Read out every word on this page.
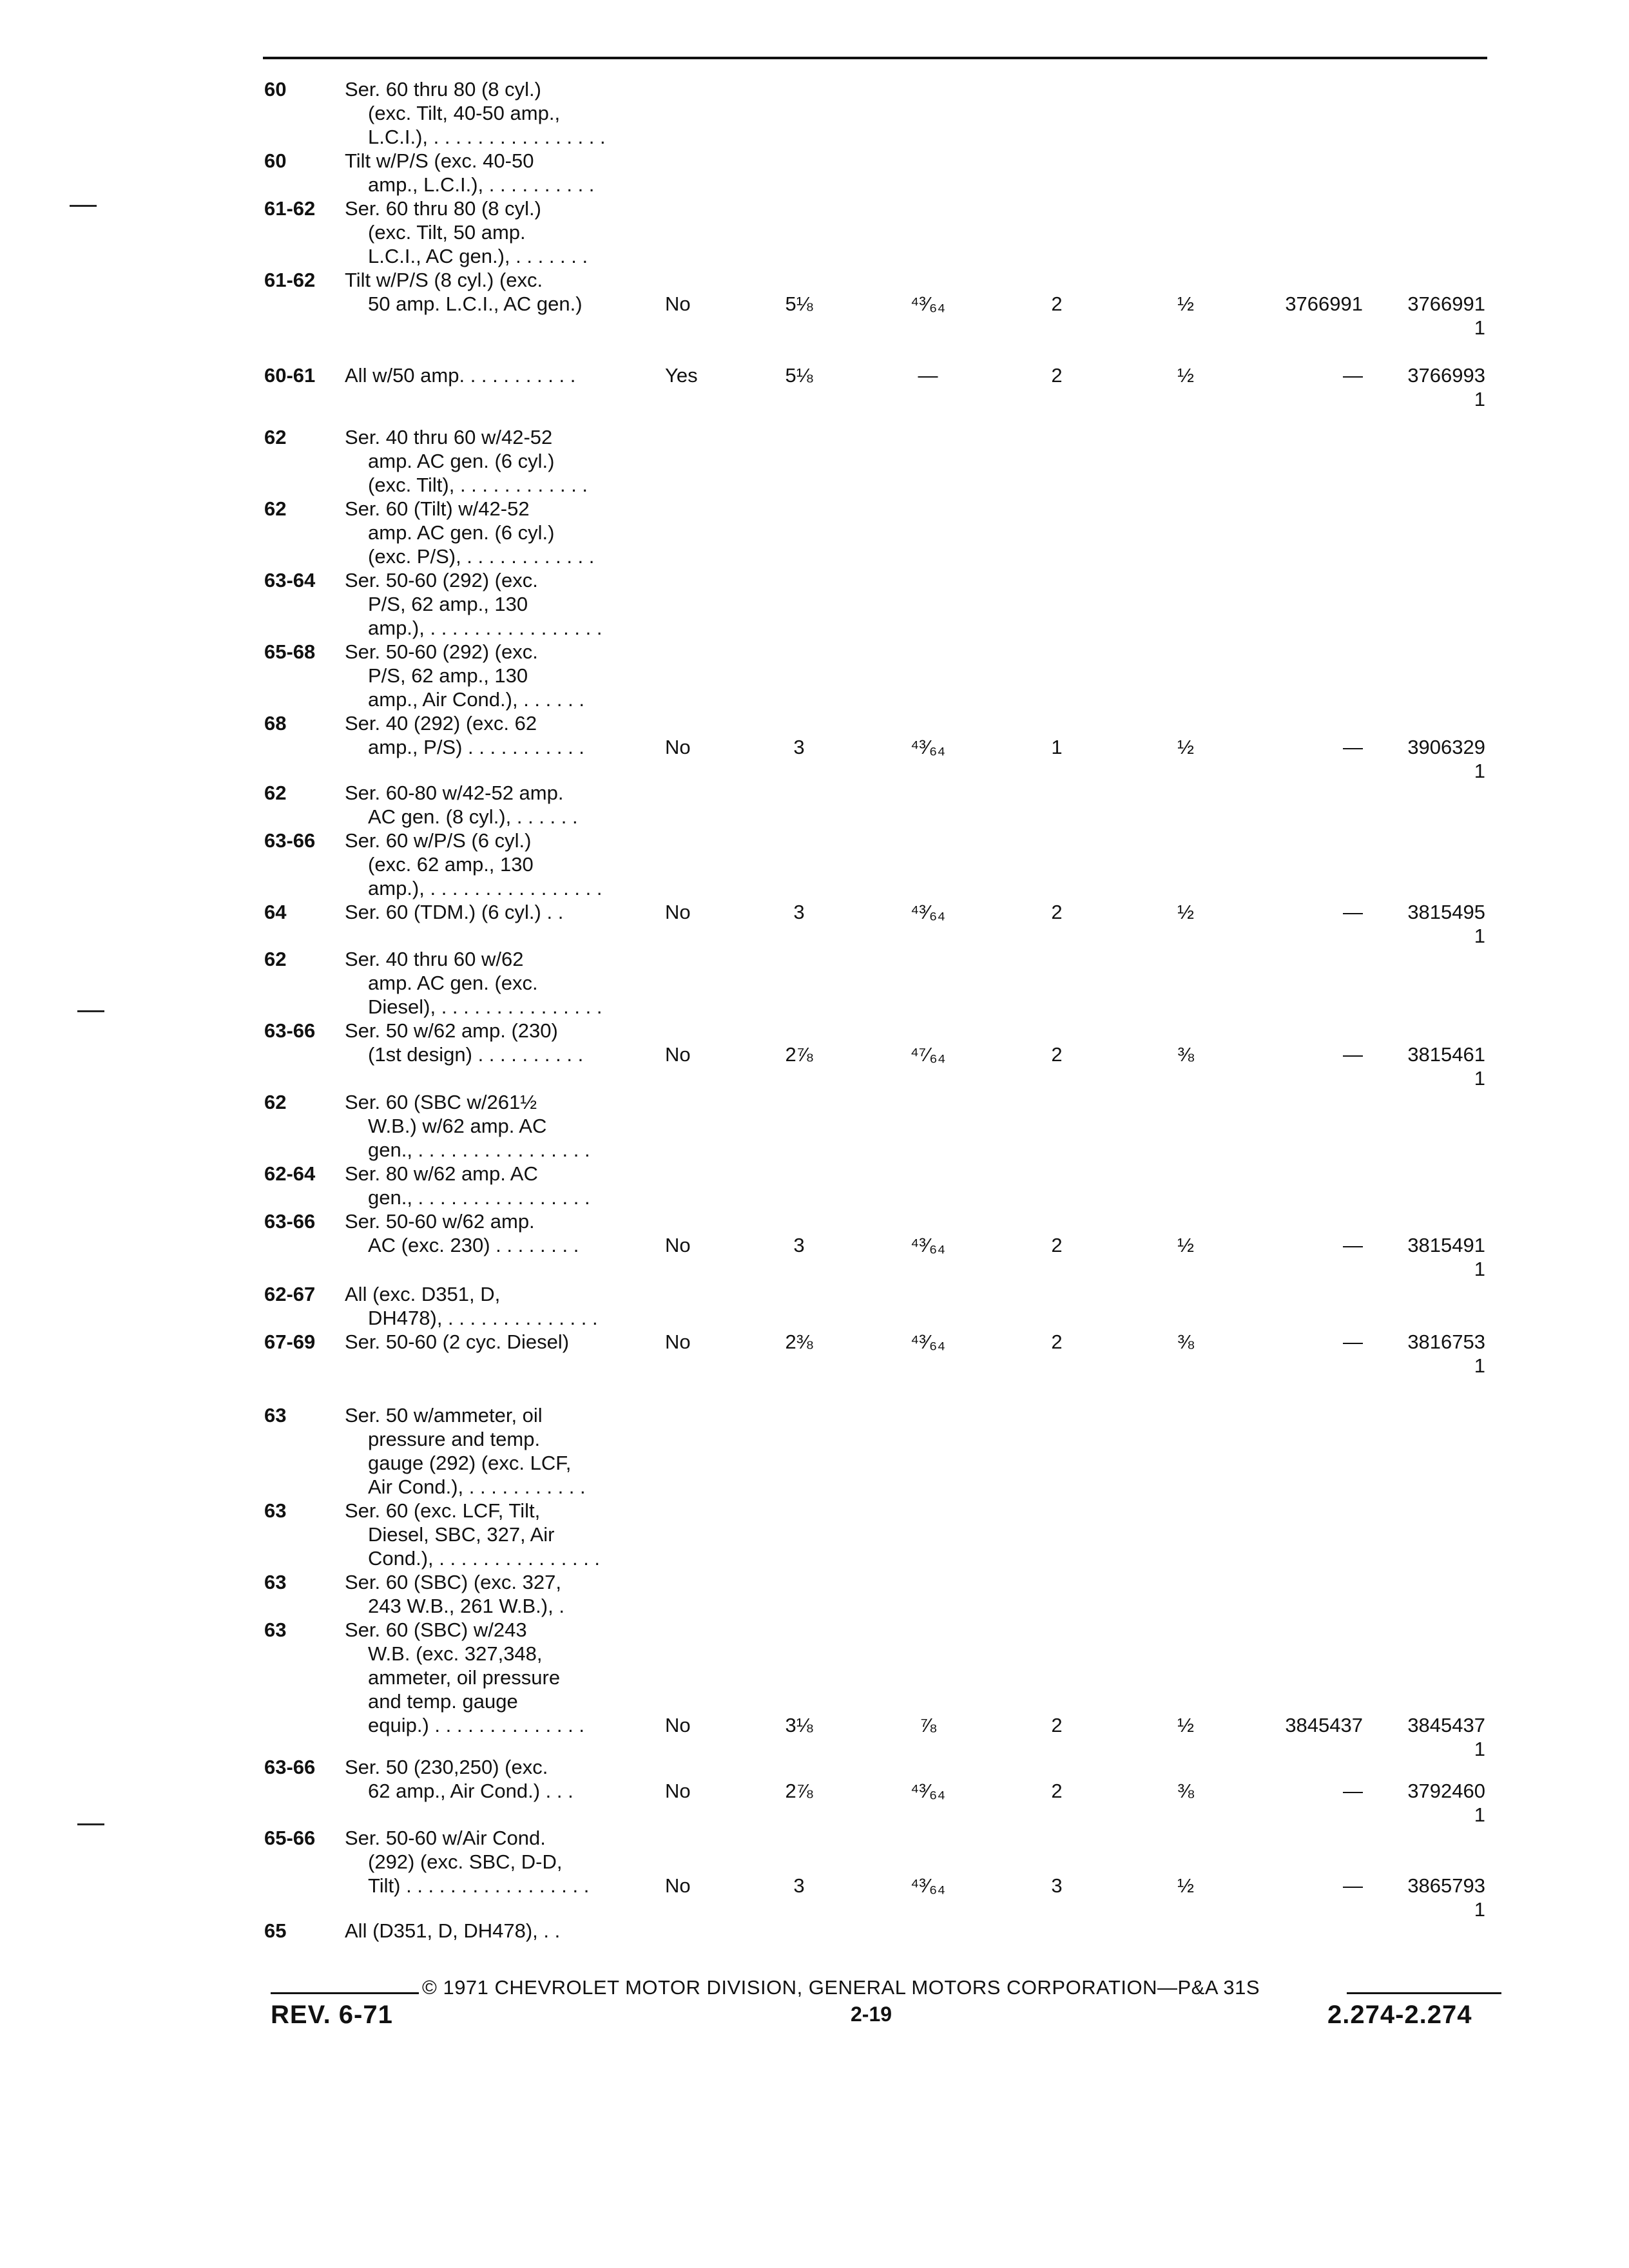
60	Ser. 60 thru 80 (8 cyl.)
(exc. Tilt, 40-50 amp.,
L.C.I.), . . . . . . . . . . . . . . . .
60	Tilt w/P/S (exc. 40-50
amp., L.C.I.), . . . . . . . . . .
61-62 Ser. 60 thru 80 (8 cyl.)
(exc. Tilt, 50 amp.
L.C.I., AC gen.), . . . . . . .
61-62 Tilt w/P/S (8 cyl.) (exc.
50 amp. L.C.I., AC gen.)	No	5⅛	⁴³⁄₆₄	2	½	3766991	3766991
1
60-61 All w/50 amp. . . . . . . . . . .	Yes	5⅛	—	2	½	—	3766993
1
62	Ser. 40 thru 60 w/42-52
amp. AC gen. (6 cyl.)
(exc. Tilt), . . . . . . . . . . . .
62	Ser. 60 (Tilt) w/42-52
amp. AC gen. (6 cyl.)
(exc. P/S), . . . . . . . . . . . .
63-64 Ser. 50-60 (292) (exc.
P/S, 62 amp., 130
amp.), . . . . . . . . . . . . . . . .
65-68 Ser. 50-60 (292) (exc.
P/S, 62 amp., 130
amp., Air Cond.), . . . . . .
68	Ser. 40 (292) (exc. 62
amp., P/S) . . . . . . . . . . .	No	3	⁴³⁄₆₄	1	½	—	3906329
1
62	Ser. 60-80 w/42-52 amp.
AC gen. (8 cyl.), . . . . . .
63-66 Ser. 60 w/P/S (6 cyl.)
(exc. 62 amp., 130
amp.), . . . . . . . . . . . . . . . .
64	Ser. 60 (TDM.) (6 cyl.) . .	No	3	⁴³⁄₆₄	2	½	—	3815495
1
62	Ser. 40 thru 60 w/62
amp. AC gen. (exc.
Diesel), . . . . . . . . . . . . . . .
63-66 Ser. 50 w/62 amp. (230)
(1st design) . . . . . . . . . .	No	2⅞	⁴⁷⁄₆₄	2	⅜	—	3815461
1
62	Ser. 60 (SBC w/261½
W.B.) w/62 amp. AC
gen., . . . . . . . . . . . . . . . .
62-64 Ser. 80 w/62 amp. AC
gen., . . . . . . . . . . . . . . . .
63-66 Ser. 50-60 w/62 amp.
AC (exc. 230) . . . . . . . .	No	3	⁴³⁄₆₄	2	½	—	3815491
1
62-67 All (exc. D351, D,
DH478), . . . . . . . . . . . . . .
67-69 Ser. 50-60 (2 cyc. Diesel)	No	2⅜	⁴³⁄₆₄	2	⅜	—	3816753
1
63	Ser. 50 w/ammeter, oil
pressure and temp.
gauge (292) (exc. LCF,
Air Cond.), . . . . . . . . . . .
63	Ser. 60 (exc. LCF, Tilt,
Diesel, SBC, 327, Air
Cond.), . . . . . . . . . . . . . . .
63	Ser. 60 (SBC) (exc. 327,
243 W.B., 261 W.B.), .
63	Ser. 60 (SBC) w/243
W.B. (exc. 327,348,
ammeter, oil pressure
and temp. gauge
equip.) . . . . . . . . . . . . . .	No	3⅛	⅞	2	½	3845437	3845437
1
63-66 Ser. 50 (230,250) (exc.
62 amp., Air Cond.) . . .	No	2⅞	⁴³⁄₆₄	2	⅜	—	3792460
1
65-66 Ser. 50-60 w/Air Cond.
(292) (exc. SBC, D-D,
Tilt) . . . . . . . . . . . . . . . . .	No	3	⁴³⁄₆₄	3	½	—	3865793
1
65	All (D351, D, DH478), . .
© 1971 CHEVROLET MOTOR DIVISION, GENERAL MOTORS CORPORATION—P&A 31S
REV. 6-71	2-19	2.274-2.274
